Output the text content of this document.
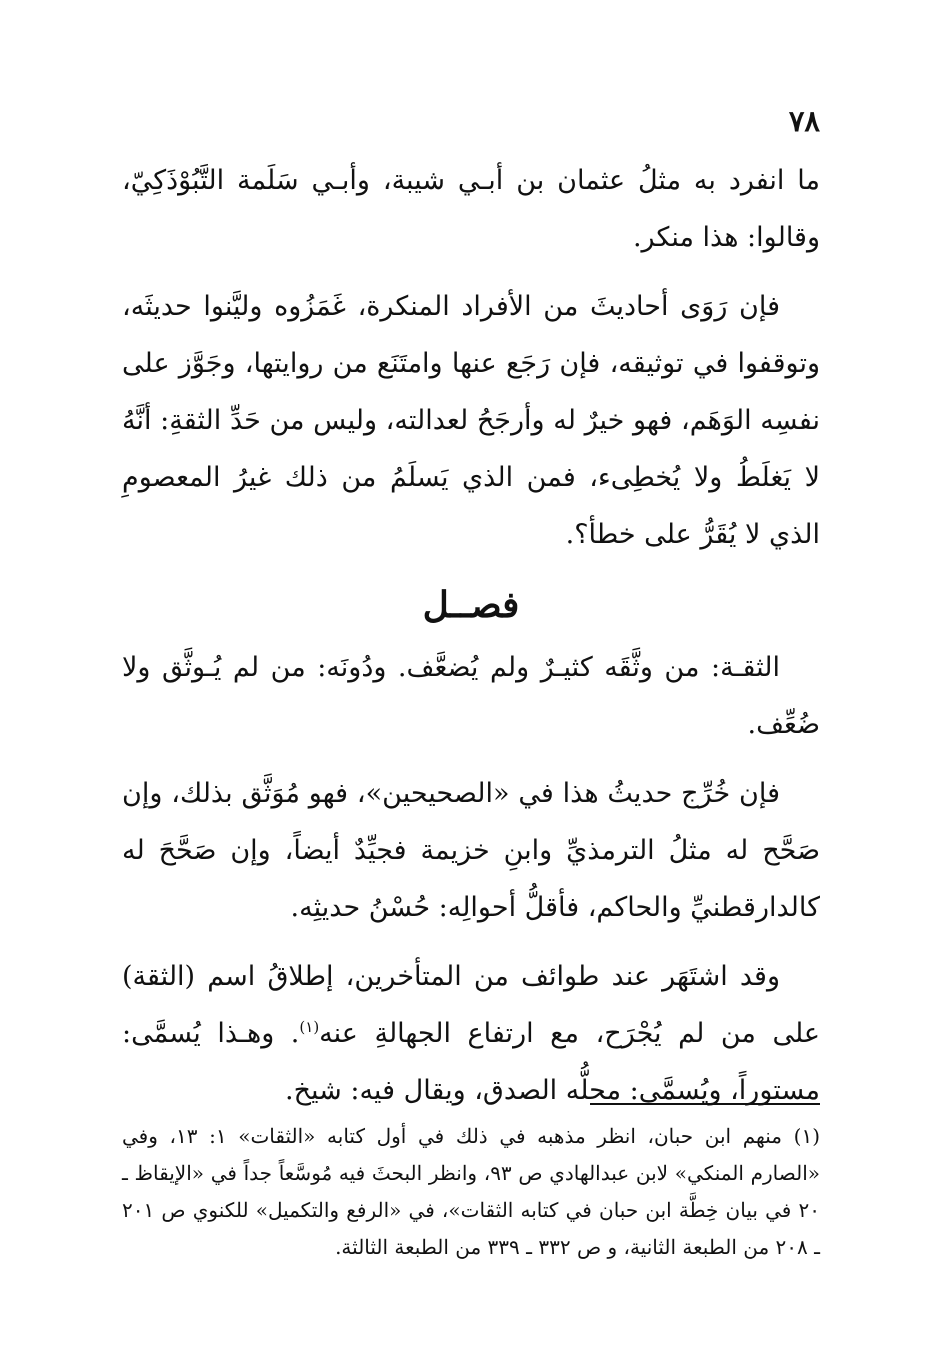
٧٨

ما انفرد به مثلُ عثمان بن أبـي شيبة، وأبـي سَلَمة التَّبُوْذَكِيّ، وقالوا: هذا منكر.

فإن رَوَى أحاديثَ من الأفراد المنكرة، غَمَزُوه وليَّنوا حديثَه، وتوقفوا في توثيقه، فإن رَجَع عنها وامتَنَع من روايتها، وجَوَّز على نفسِه الوَهَم، فهو خيرٌ له وأرجَحُ لعدالته، وليس من حَدِّ الثقةِ: أنَّهُ لا يَغلَطُ ولا يُخطِىء، فمن الذي يَسلَمُ من ذلك غيرُ المعصومِ الذي لا يُقَرُّ على خطأ؟.

فصــل

الثقـة: من وثَّقَه كثيـرٌ ولم يُضعَّف. ودُونَه: من لم يُـوثَّق ولا ضُعِّف.

فإن خُرِّج حديثُ هذا في «الصحيحين»، فهو مُوَثَّق بذلك، وإن صَحَّح له مثلُ الترمذيِّ وابنِ خزيمة فجيِّدٌ أيضاً، وإن صَحَّحَ له كالدارقطنيِّ والحاكم، فأقلُّ أحوالِه: حُسْنُ حديثِه.

وقد اشتَهَر عند طوائف من المتأخرين، إطلاقُ اسم (الثقة) على من لم يُجْرَح، مع ارتفاع الجهالةِ عنه$^{(١)}$. وهـذا يُسمَّى: مستوراً، ويُسمَّى: محلُّه الصدق، ويقال فيه: شيخ.

(١) منهم ابن حبان، انظر مذهبه في ذلك في أول كتابه «الثقات» ١: ١٣، وفي «الصارم المنكي» لابن عبدالهادي ص ٩٣، وانظر البحثَ فيه مُوسَّعاً جداً في «الإيقاظ ـ ٢٠ في بيان خِطَّة ابن حبان في كتابه الثقات»، في «الرفع والتكميل» للكنوي ص ٢٠١ ـ ٢٠٨ من الطبعة الثانية، و ص ٣٣٢ ـ ٣٣٩ من الطبعة الثالثة.
